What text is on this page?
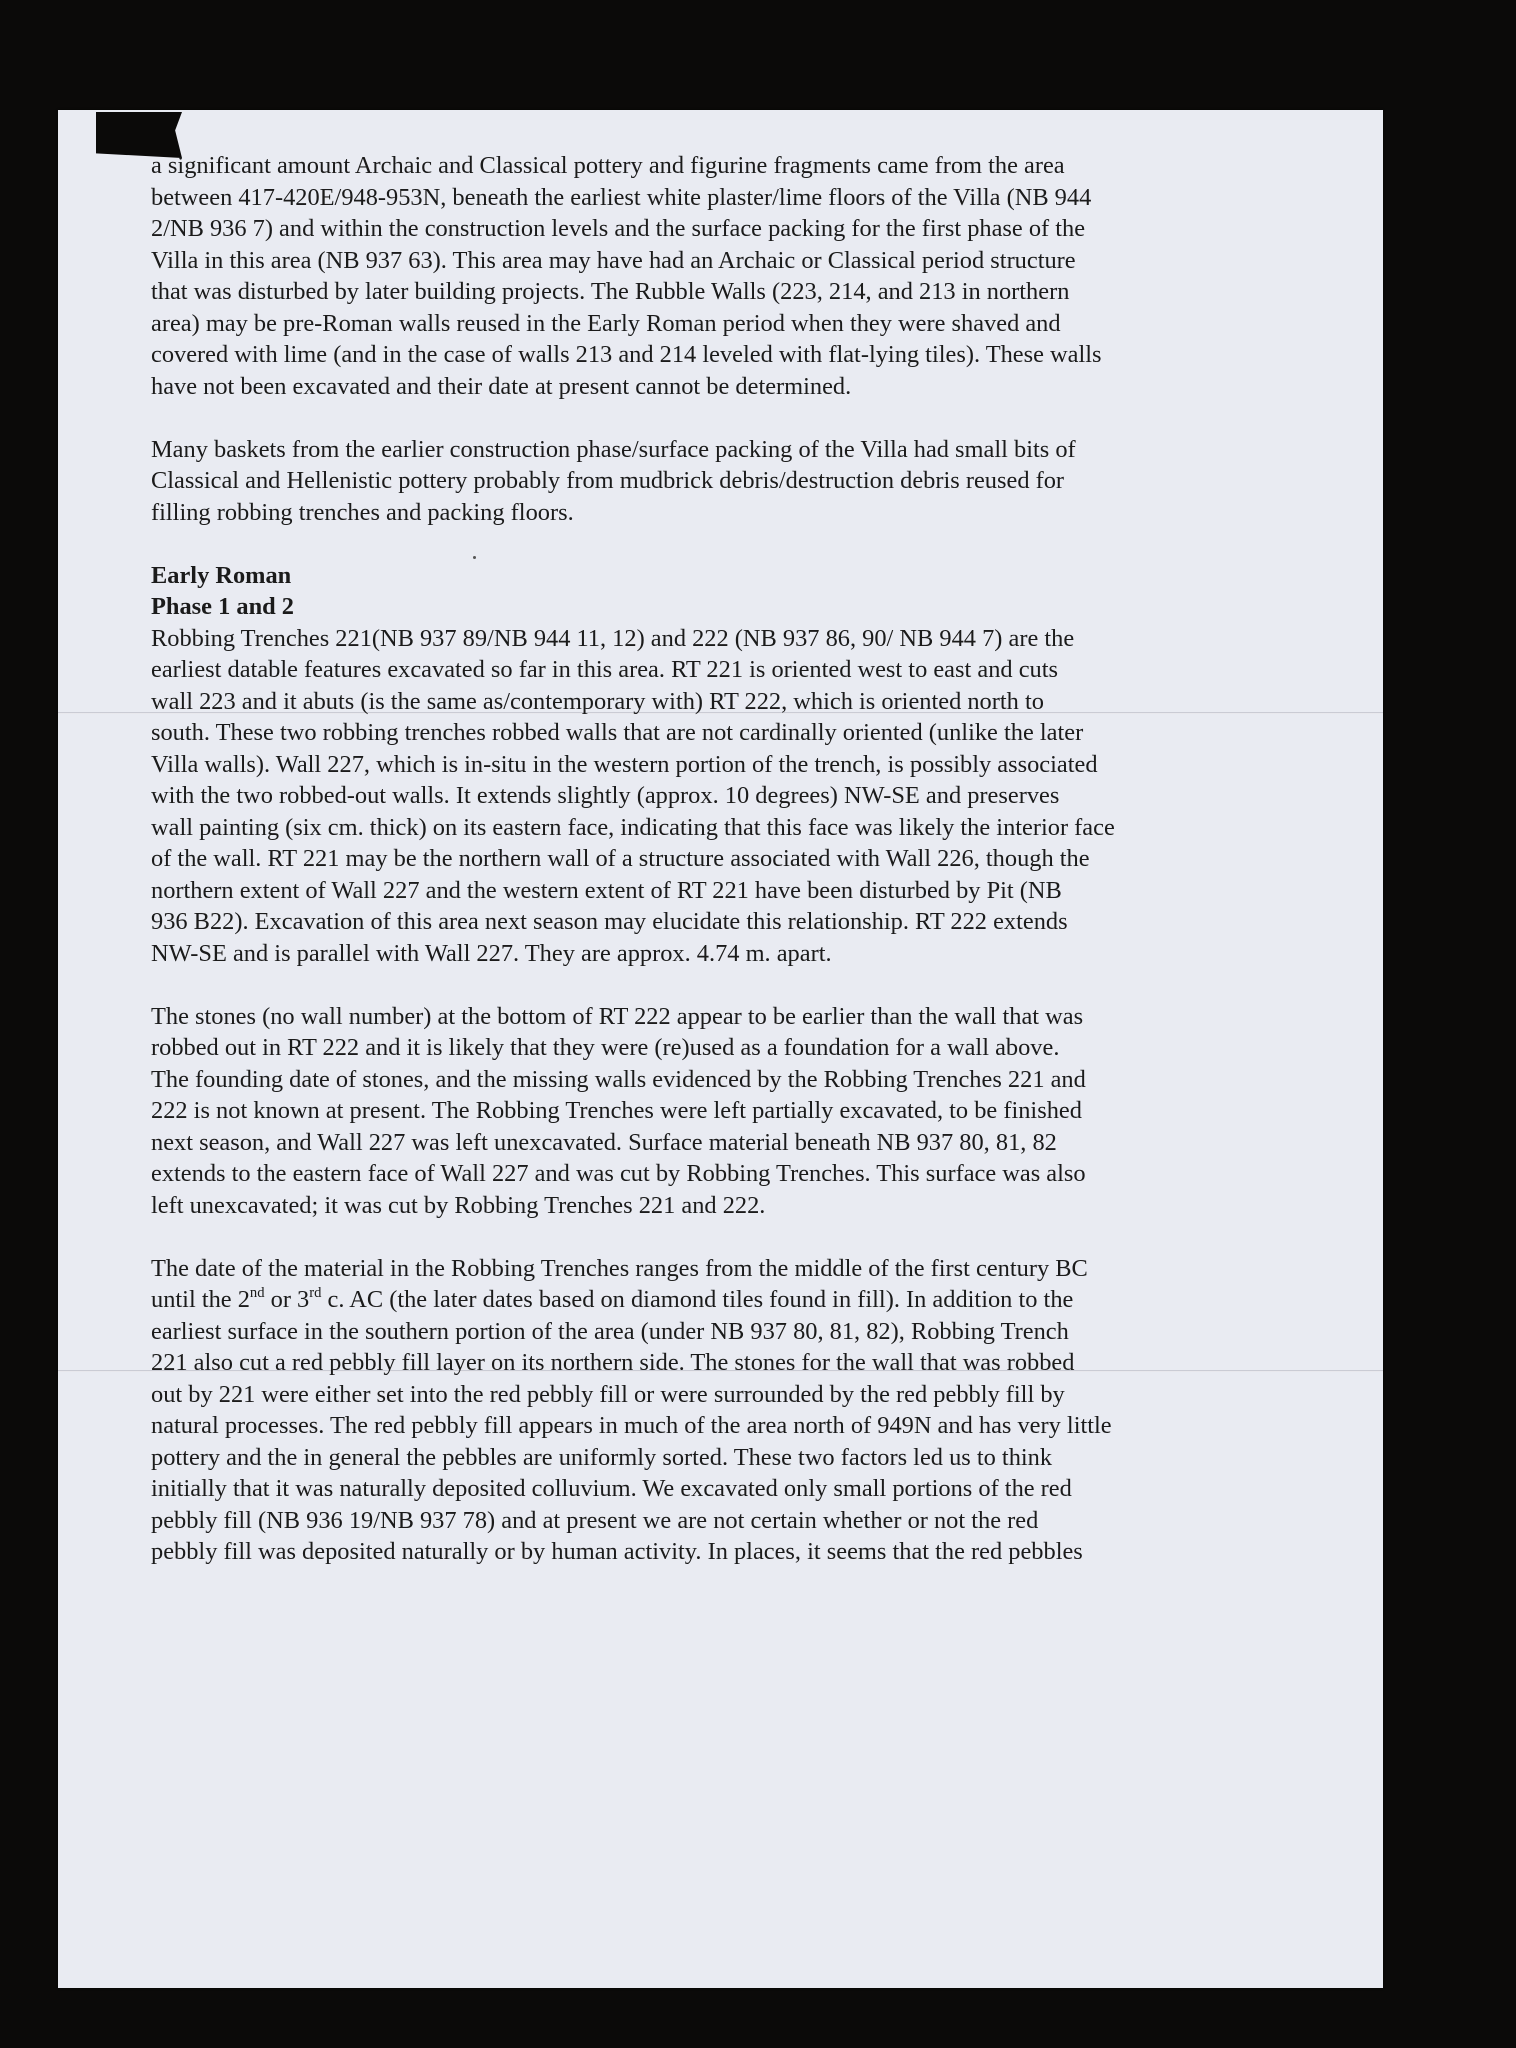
a significant amount Archaic and Classical pottery and figurine fragments came from the area
between 417-420E/948-953N, beneath the earliest white plaster/lime floors of the Villa (NB 944
2/NB 936 7) and within the construction levels and the surface packing for the first phase of the
Villa in this area (NB 937 63). This area may have had an Archaic or Classical period structure
that was disturbed by later building projects. The Rubble Walls (223, 214, and 213 in northern
area) may be pre-Roman walls reused in the Early Roman period when they were shaved and
covered with lime (and in the case of walls 213 and 214 leveled with flat-lying tiles). These walls
have not been excavated and their date at present cannot be determined.

Many baskets from the earlier construction phase/surface packing of the Villa had small bits of
Classical and Hellenistic pottery probably from mudbrick debris/destruction debris reused for
filling robbing trenches and packing floors.

Early Roman

Phase 1 and 2

Robbing Trenches 221(NB 937 89/NB 944 11, 12) and 222 (NB 937 86, 90/ NB 944 7) are the
earliest datable features excavated so far in this area. RT 221 is oriented west to east and cuts
wall 223 and it abuts (is the same as/contemporary with) RT 222, which is oriented north to
south. These two robbing trenches robbed walls that are not cardinally oriented (unlike the later
Villa walls). Wall 227, which is in-situ in the western portion of the trench, is possibly associated
with the two robbed-out walls. It extends slightly (approx. 10 degrees) NW-SE and preserves
wall painting (six cm. thick) on its eastern face, indicating that this face was likely the interior face
of the wall. RT 221 may be the northern wall of a structure associated with Wall 226, though the
northern extent of Wall 227 and the western extent of RT 221 have been disturbed by Pit (NB
936 B22). Excavation of this area next season may elucidate this relationship. RT 222 extends
NW-SE and is parallel with Wall 227. They are approx. 4.74 m. apart.

The stones (no wall number) at the bottom of RT 222 appear to be earlier than the wall that was
robbed out in RT 222 and it is likely that they were (re)used as a foundation for a wall above.
The founding date of stones, and the missing walls evidenced by the Robbing Trenches 221 and
222 is not known at present. The Robbing Trenches were left partially excavated, to be finished
next season, and Wall 227 was left unexcavated. Surface material beneath NB 937 80, 81, 82
extends to the eastern face of Wall 227 and was cut by Robbing Trenches. This surface was also
left unexcavated; it was cut by Robbing Trenches 221 and 222.

The date of the material in the Robbing Trenches ranges from the middle of the first century BC
until the 2nd or 3rd c. AC (the later dates based on diamond tiles found in fill). In addition to the
earliest surface in the southern portion of the area (under NB 937 80, 81, 82), Robbing Trench
221 also cut a red pebbly fill layer on its northern side. The stones for the wall that was robbed
out by 221 were either set into the red pebbly fill or were surrounded by the red pebbly fill by
natural processes. The red pebbly fill appears in much of the area north of 949N and has very little
pottery and the in general the pebbles are uniformly sorted. These two factors led us to think
initially that it was naturally deposited colluvium. We excavated only small portions of the red
pebbly fill (NB 936 19/NB 937 78) and at present we are not certain whether or not the red
pebbly fill was deposited naturally or by human activity. In places, it seems that the red pebbles
